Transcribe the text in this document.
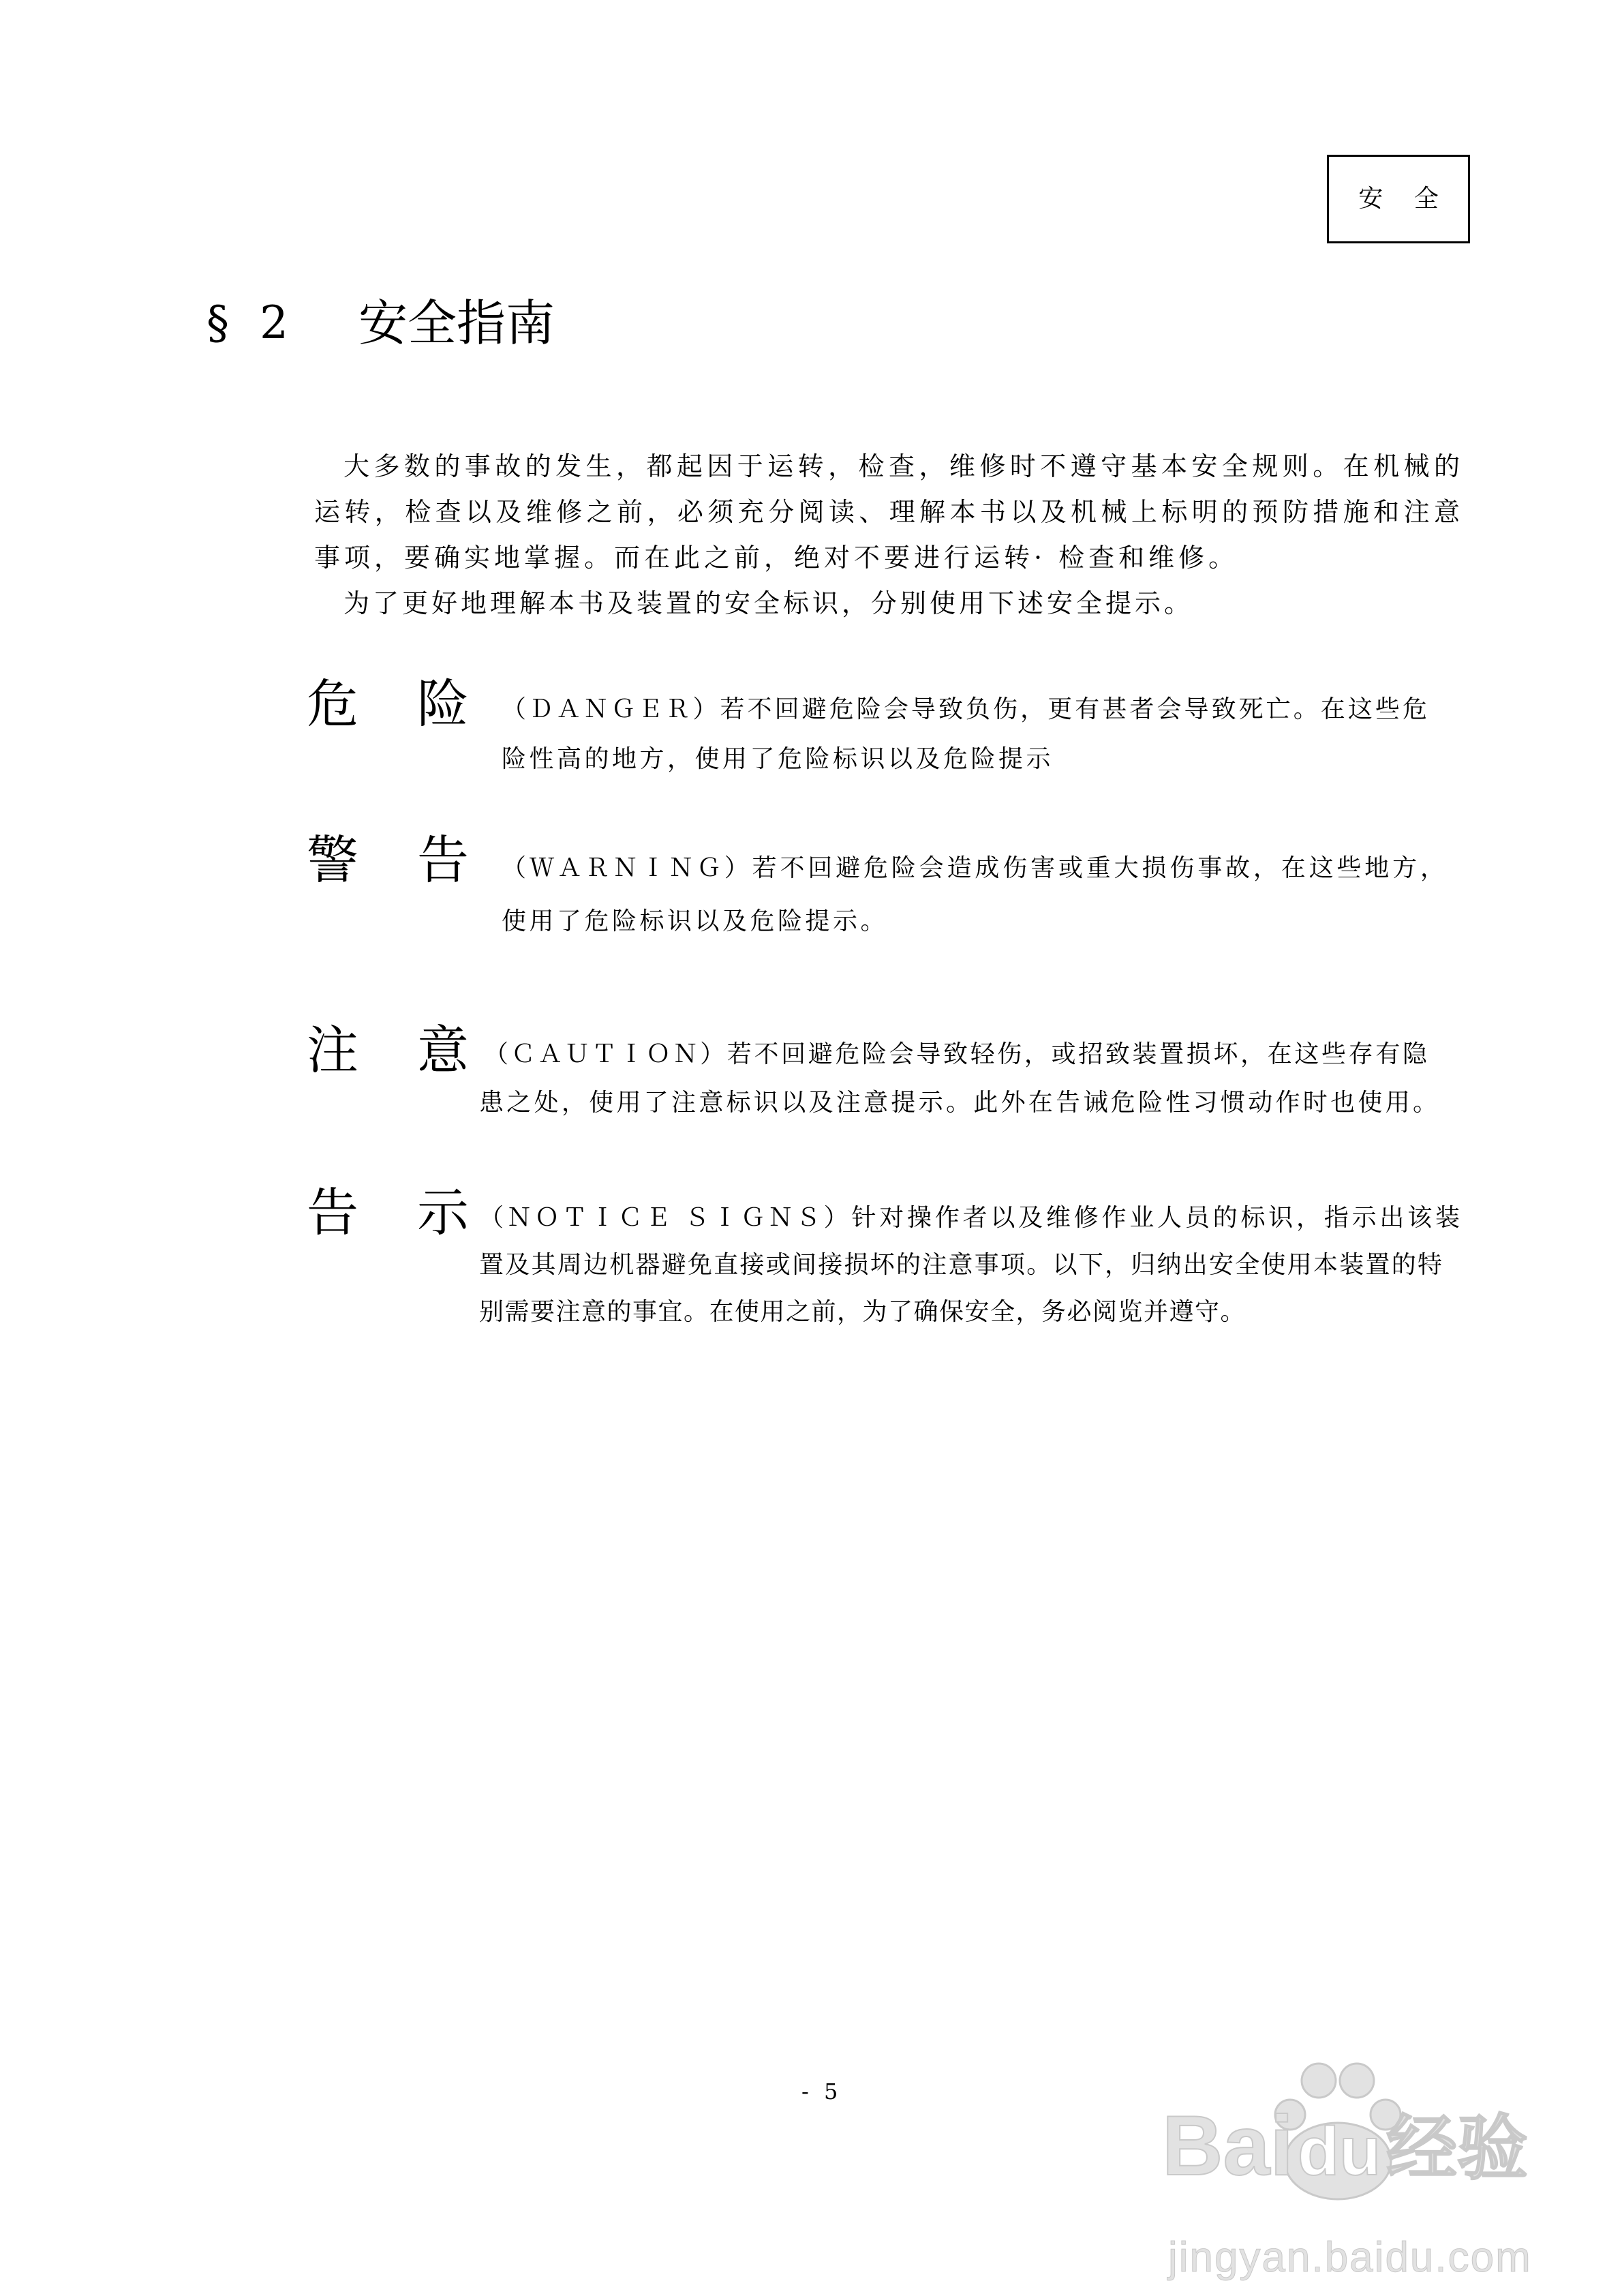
安 全
§ 2 安全指南
大多数的事故的发生，都起因于运转，检查，维修时不遵守基本安全规则。在机械的
运转，检查以及维修之前，必须充分阅读、理解本书以及机械上标明的预防措施和注意
事项，要确实地掌握。而在此之前，绝对不要进行运转· 检查和维修。
为了更好地理解本书及装置的安全标识，分别使用下述安全提示。
危 险 （ＤＡＮＧＥＲ）若不回避危险会导致负伤，更有甚者会导致死亡。在这些危
险性高的地方，使用了危险标识以及危险提示
警 告 （ＷＡＲＮＩＮＧ）若不回避危险会造成伤害或重大损伤事故，在这些地方，
使用了危险标识以及危险提示。
注 意 （ＣＡＵＴＩＯＮ）若不回避危险会导致轻伤，或招致装置损坏，在这些存有隐
患之处，使用了注意标识以及注意提示。此外在告诫危险性习惯动作时也使用。
告 示 （ＮＯＴＩＣＥ ＳＩＧＮＳ）针对操作者以及维修作业人员的标识，指示出该装
置及其周边机器避免直接或间接损坏的注意事项。以下，归纳出安全使用本装置的特
别需要注意的事宜。在使用之前，为了确保安全，务必阅览并遵守。
- 5
Bai du 经验
jingyan.baidu.com
